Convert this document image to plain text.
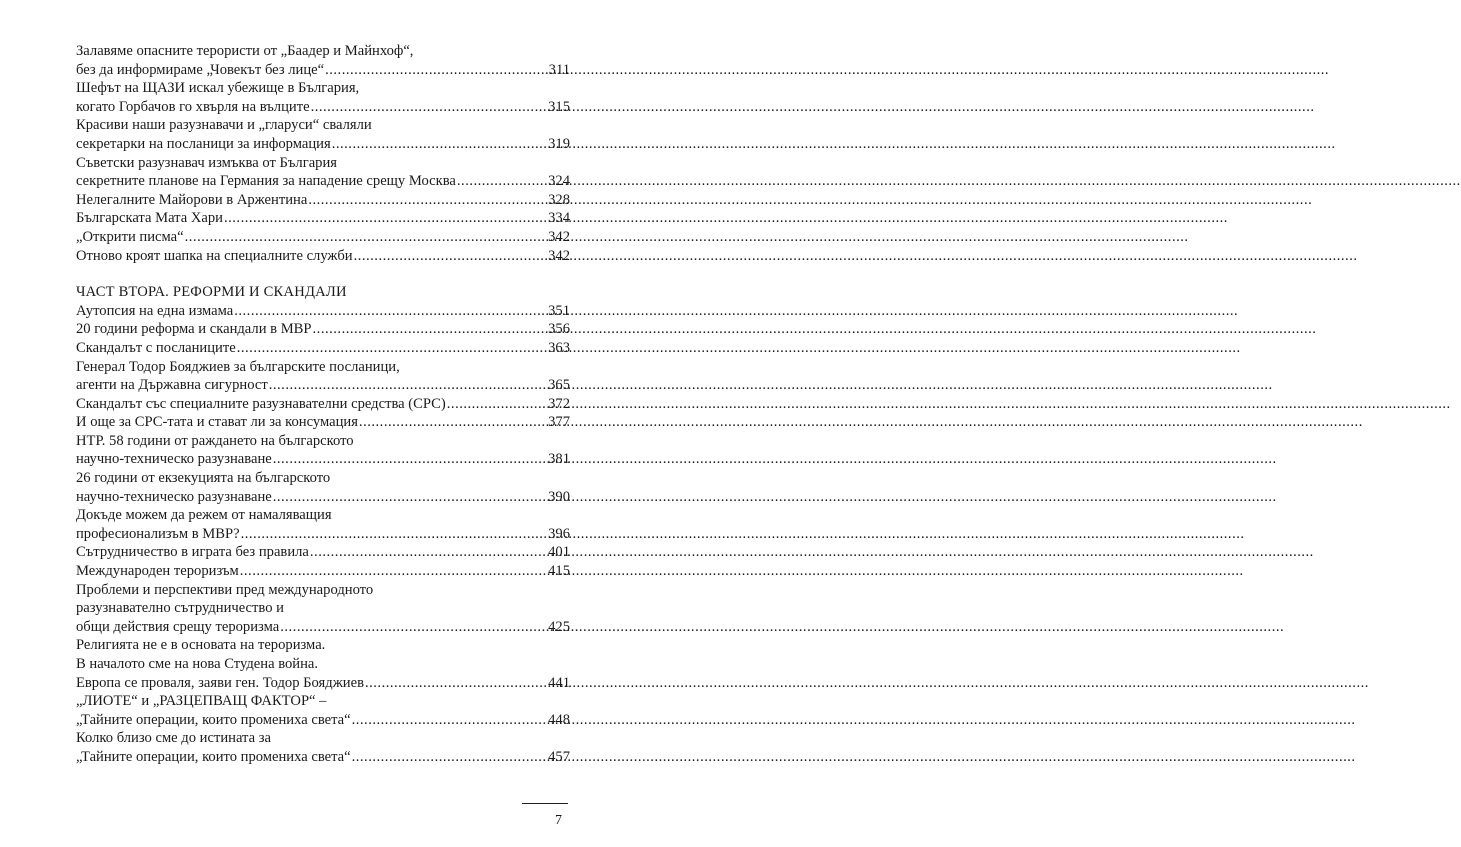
Залавяме опасните терористи от „Баадер и Майнхоф“,
без да информираме „Човекът без лице“ .....	311
Шефът на ЩАЗИ искал убежище в България,
когато Горбачов го хвърля на вълците .....	315
Красиви наши разузнавачи и „гларуси“ сваляли
секретарки на посланици за информация .....	319
Съветски разузнавач измъква от България
секретните планове на Германия за нападение срещу Москва .....	324
Нелегалните Майорови в Аржентина .....	328
Българската Мата Хари .....	334
„Открити писма“ .....	342
Отново кроят шапка на специалните служби .....	342
ЧАСТ ВТОРА. РЕФОРМИ И СКАНДАЛИ
Аутопсия на една измама .....	351
20 години реформа и скандали в МВР .....	356
Скандалът с посланиците .....	363
Генерал Тодор Бояджиев за българските посланици,
агенти на Държавна сигурност .....	365
Скандалът със специалните разузнавателни средства (СРС) .....	372
И още за СРС-тата и стават ли за консумация .....	377
НТР. 58 години от раждането на българското
научно-техническо разузнаване .....	381
26 години от екзекуцията на българското
научно-техническо разузнаване .....	390
Докъде можем да режем от намаляващия
професионализъм в МВР? .....	396
Сътрудничество в играта без правила .....	401
Международен тероризъм .....	415
Проблеми и перспективи пред международното
разузнавателно сътрудничество и
общи действия срещу тероризма .....	425
Религията не е в основата на тероризма.
В началото сме на нова Студена война.
Европа се проваля, заяви ген. Тодор Бояджиев .....	441
„ЛИОТЕ“ и „РАЗЦЕПВАЩ ФАКТОР“ –
„Тайните операции, които промениха света“ .....	448
Колко близо сме до истината за
„Тайните операции, които промениха света“ .....	457
7
